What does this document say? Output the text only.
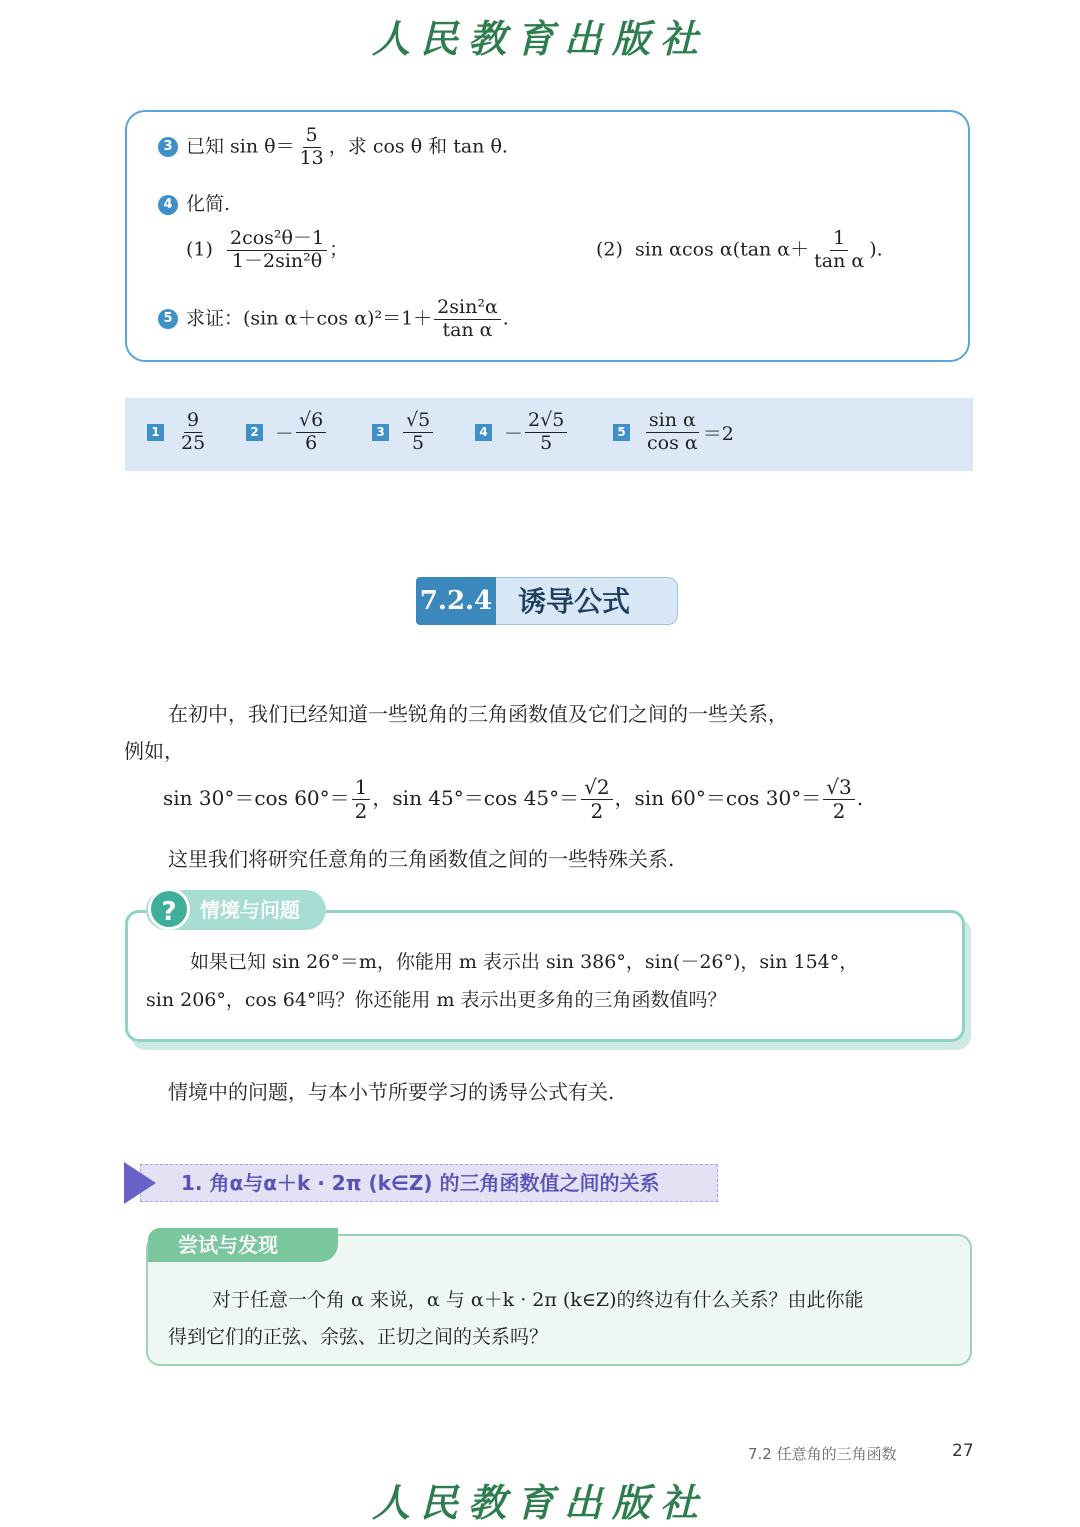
人民教育出版社
3 已知 $\sin \theta= \frac{5}{13}$ ，求 cos θ 和 tan θ.
4 化简.
$(1) \frac{\text{2cos²θ－1}}{\text{1－2sin²θ}}$ ；	(2) sin αcos α(tan $\alpha+ \frac{1}{\text{tan α}}$ ).
5 求证：(sin α＋cos $\alpha)^2=1+ \frac{\text{2sin²α}}{\text{tan α}}$ .
$1 \frac{9}{25}$	$2 - \frac{√6}{6}$	$3 \frac{√5}{5}$	$4 - \frac{2√5}{5}$	$5 \frac{\text{sin α}}{\text{cos α}} =2$
7.2.4 诱导公式
在初中，我们已经知道一些锐角的三角函数值及它们之间的一些关系，
例如，
sin 30°＝cos $60^\circ= \frac{1}{2}$ ，sin 45°＝cos $45^\circ= \frac{√2}{2}$ ，sin 60°＝cos $30^\circ= \frac{√3}{2}$ .
这里我们将研究任意角的三角函数值之间的一些特殊关系.
情境与问题
?
如果已知 sin 26°＝m，你能用 m 表示出 sin 386°，sin(－26°)，sin 154°，
sin 206°，cos 64°吗？你还能用 m 表示出更多角的三角函数值吗？
情境中的问题，与本小节所要学习的诱导公式有关.
1. 角α与α＋k · 2π (k∈Z) 的三角函数值之间的关系
尝试与发现
对于任意一个角 α 来说，α 与 α＋k · 2π (k∈Z)的终边有什么关系？由此你能
得到它们的正弦、余弦、正切之间的关系吗？
7.2 任意角的三角函数	27
人民教育出版社
